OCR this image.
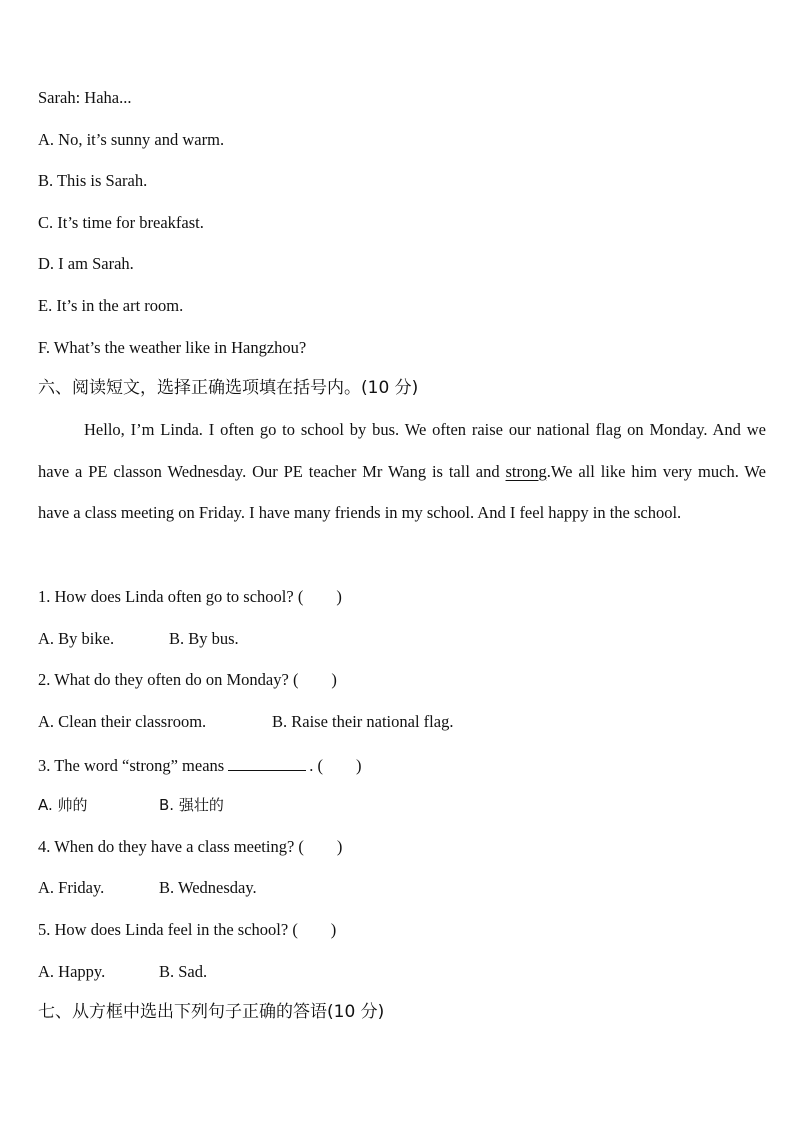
Sarah: Haha...
A. No, it’s sunny and warm.
B. This is Sarah.
C. It’s time for breakfast.
D. I am Sarah.
E. It’s in the art room.
F. What’s the weather like in Hangzhou?
六、阅读短文，选择正确选项填在括号内。(10 分)

Hello, I’m Linda. I often go to school by bus. We often raise our national flag on Monday. And we have a PE classon Wednesday. Our PE teacher Mr Wang is tall and strong.We all like him very much. We have a class meeting on Friday. I have many friends in my school. And I feel happy in the school.

1. How does Linda often go to school? (  )
A. By bike.	B. By bus.
2. What do they often do on Monday? (  )
A. Clean their classroom.	B. Raise their national flag.
3. The word “strong” means	. (  )
A. 帅的	B. 强壮的
4. When do they have a class meeting? (  )
A. Friday.	B. Wednesday.
5. How does Linda feel in the school? (  )
A. Happy.	B. Sad.
七、从方框中选出下列句子正确的答语(10 分)
